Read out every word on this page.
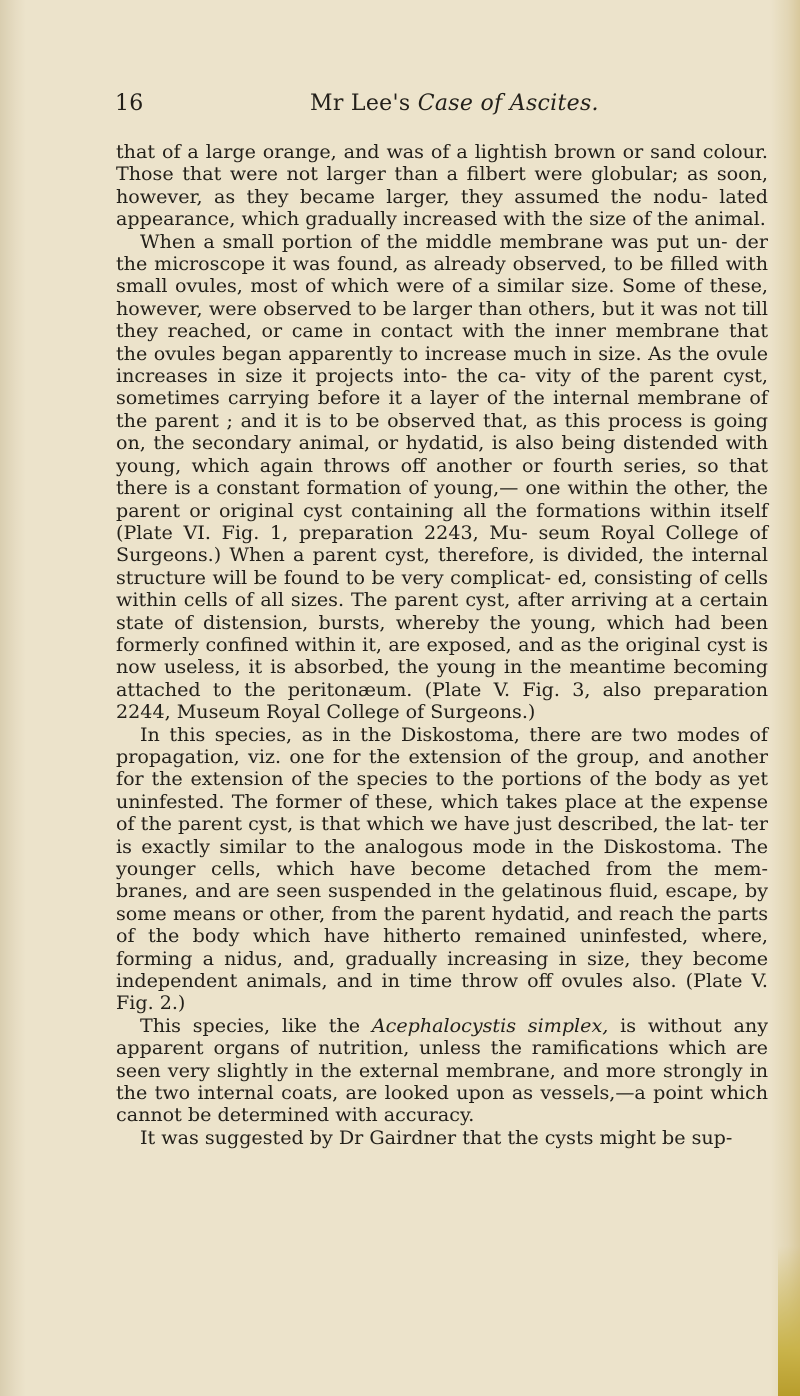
16	Mr Lee's Case of Ascites.

that of a large orange, and was of a lightish brown or sand colour. Those that were not larger than a filbert were globular; as soon, however, as they became larger, they assumed the nodu- lated appearance, which gradually increased with the size of the animal.

When a small portion of the middle membrane was put un- der the microscope it was found, as already observed, to be filled with small ovules, most of which were of a similar size. Some of these, however, were observed to be larger than others, but it was not till they reached, or came in contact with the inner membrane that the ovules began apparently to increase much in size. As the ovule increases in size it projects into- the ca- vity of the parent cyst, sometimes carrying before it a layer of the internal membrane of the parent ; and it is to be observed that, as this process is going on, the secondary animal, or hydatid, is also being distended with young, which again throws off another or fourth series, so that there is a constant formation of young,— one within the other, the parent or original cyst containing all the formations within itself (Plate VI. Fig. 1, preparation 2243, Mu- seum Royal College of Surgeons.) When a parent cyst, therefore, is divided, the internal structure will be found to be very complicat- ed, consisting of cells within cells of all sizes. The parent cyst, after arriving at a certain state of distension, bursts, whereby the young, which had been formerly confined within it, are exposed, and as the original cyst is now useless, it is absorbed, the young in the meantime becoming attached to the peritonæum. (Plate V. Fig. 3, also preparation 2244, Museum Royal College of Surgeons.)

In this species, as in the Diskostoma, there are two modes of propagation, viz. one for the extension of the group, and another for the extension of the species to the portions of the body as yet uninfested. The former of these, which takes place at the expense of the parent cyst, is that which we have just described, the lat- ter is exactly similar to the analogous mode in the Diskostoma. The younger cells, which have become detached from the mem- branes, and are seen suspended in the gelatinous fluid, escape, by some means or other, from the parent hydatid, and reach the parts of the body which have hitherto remained uninfested, where, forming a nidus, and, gradually increasing in size, they become independent animals, and in time throw off ovules also. (Plate V. Fig. 2.)

This species, like the Acephalocystis simplex, is without any apparent organs of nutrition, unless the ramifications which are seen very slightly in the external membrane, and more strongly in the two internal coats, are looked upon as vessels,—a point which cannot be determined with accuracy.

It was suggested by Dr Gairdner that the cysts might be sup-
